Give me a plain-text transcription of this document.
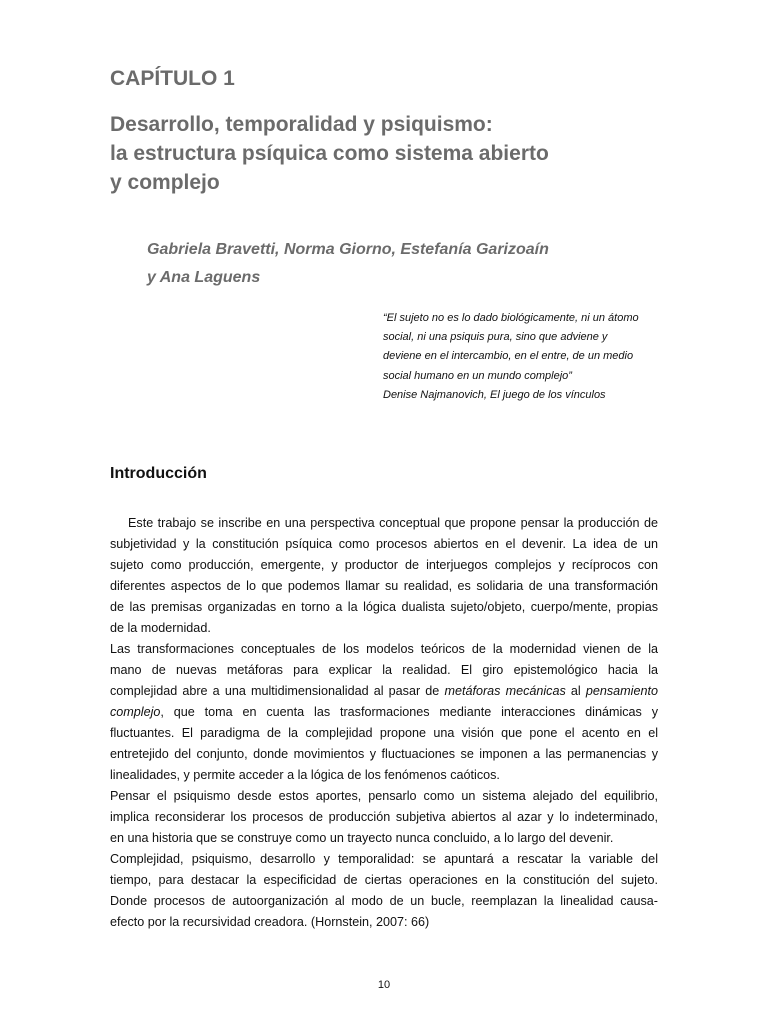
CAPÍTULO 1
Desarrollo, temporalidad y psiquismo:
la estructura psíquica como sistema abierto
y complejo
Gabriela Bravetti, Norma Giorno, Estefanía Garizoaín
y Ana Laguens
“El sujeto no es lo dado biológicamente, ni un átomo
social, ni una psiquis pura, sino que adviene y
deviene en el intercambio, en el entre, de un medio
social humano en un mundo complejo”
Denise Najmanovich, El juego de los vínculos
Introducción
Este trabajo se inscribe en una perspectiva conceptual que propone pensar la producción de
subjetividad y la constitución psíquica como procesos abiertos en el devenir. La idea de un
sujeto como producción, emergente, y productor de interjuegos complejos y recíprocos con
diferentes aspectos de lo que podemos llamar su realidad, es solidaria de una transformación
de las premisas organizadas en torno a la lógica dualista sujeto/objeto, cuerpo/mente, propias
de la modernidad.
Las transformaciones conceptuales de los modelos teóricos de la modernidad vienen de la
mano de nuevas metáforas para explicar la realidad. El giro epistemológico hacia la
complejidad abre a una multidimensionalidad al pasar de metáforas mecánicas al pensamiento
complejo, que toma en cuenta las trasformaciones mediante interacciones dinámicas y
fluctuantes. El paradigma de la complejidad propone una visión que pone el acento en el
entretejido del conjunto, donde movimientos y fluctuaciones se imponen a las permanencias y
linealidades, y permite acceder a la lógica de los fenómenos caóticos.
Pensar el psiquismo desde estos aportes, pensarlo como un sistema alejado del equilibrio,
implica reconsiderar los procesos de producción subjetiva abiertos al azar y lo indeterminado,
en una historia que se construye como un trayecto nunca concluido, a lo largo del devenir.
Complejidad, psiquismo, desarrollo y temporalidad: se apuntará a rescatar la variable del
tiempo, para destacar la especificidad de ciertas operaciones en la constitución del sujeto.
Donde procesos de autoorganización al modo de un bucle, reemplazan la linealidad causa-
efecto por la recursividad creadora. (Hornstein, 2007: 66)
10
